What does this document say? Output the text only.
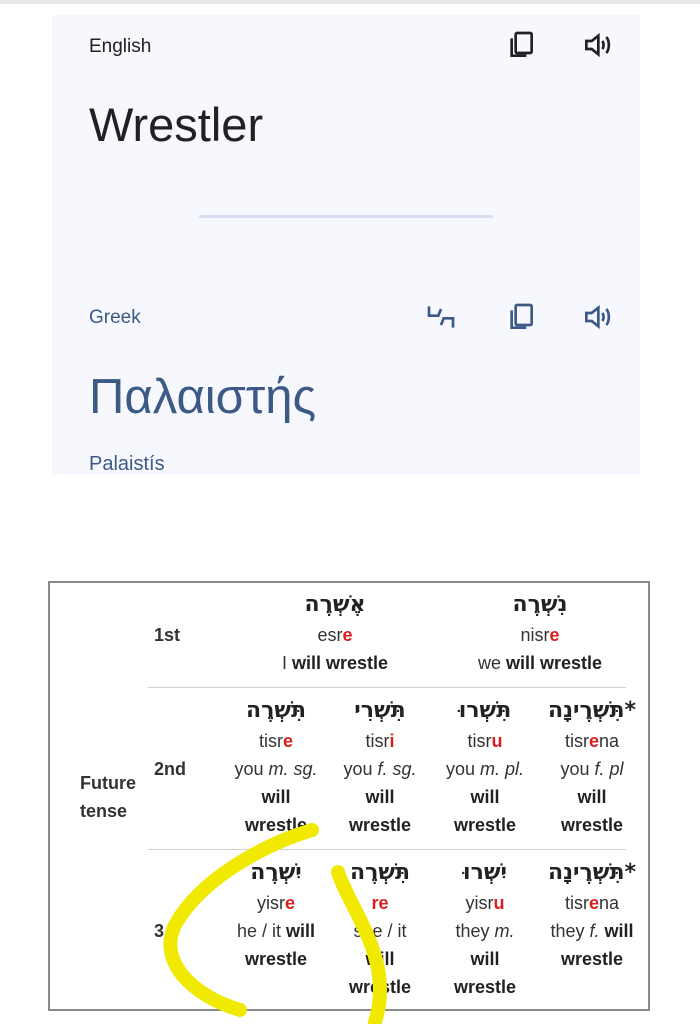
English
Wrestler
Greek
Παλαιστής
Palaistís
Future
tense
1st
2nd
3
אֶשְׁרֶה
esre
I will wrestle
נִשְׁרֶה
nisre
we will wrestle
תִּשְׁרֶה
tisre
you m. sg.
will
wrestle
תִּשְׁרִי
tisri
you f. sg.
will
wrestle
תִּשְׁרוּ
tisru
you m. pl.
will
wrestle
תִּשְׁרֶינָה*
tisrena
you f. pl
will
wrestle
יִשְׁרֶה
yisre
he / it will
wrestle
תִּשְׁרֶה
re
she / it
will
wrestle
יִשְׁרוּ
yisru
they m.
will
wrestle
תִּשְׁרֶינָה*
tisrena
they f. will
wrestle
